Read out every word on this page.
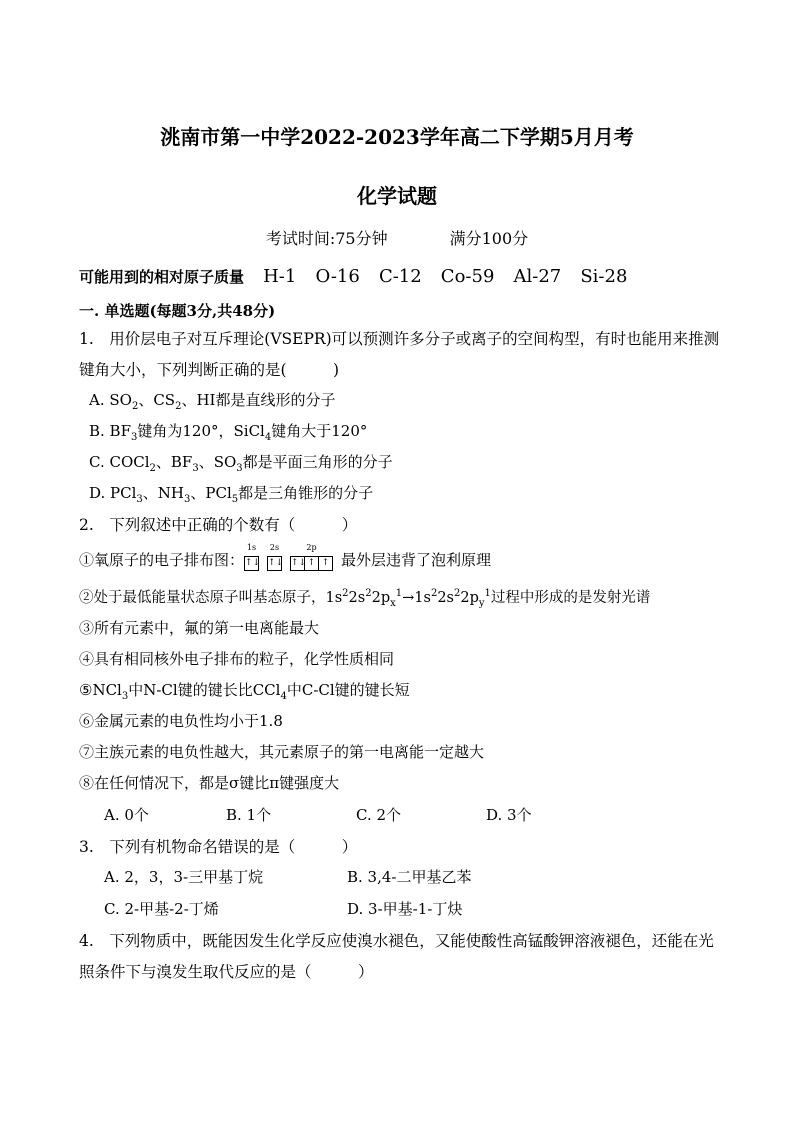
洮南市第一中学2022-2023学年高二下学期5月月考
化学试题
考试时间:75分钟	满分100分
可能用到的相对原子质量 H-1 O-16 C-12 Co-59 Al-27 Si-28
一. 单选题(每题3分,共48分)
1.　用价层电子对互斥理论(VSEPR)可以预测许多分子或离子的空间构型，有时也能用来推测
键角大小，下列判断正确的是(　　　)
A. $SO_2$、$CS_2$、HI都是直线形的分子
B. $BF_3$键角为120°，SiCl$_4$键角大于120°
C. COCl$_2$、$BF_3$、$SO_3$都是平面三角形的分子
D. PCl$_3$、$NH_3$、PCl$_5$都是三角锥形的分子
2.　下列叙述中正确的个数有（　　　）
①氧原子的电子排布图：
1s
↑↓
2s
↑↓
2p
↑↓ ↑ ↑ 最外层违背了泡利原理
②处于最低能量状态原子叫基态原子，$1s^22s^22p_x^1\to 1s^22s^22p_y^1$过程中形成的是发射光谱
③所有元素中，氟的第一电离能最大
④具有相同核外电子排布的粒子，化学性质相同
⑤NCl$_3$中N-Cl键的键长比CCl$_4$中C-Cl键的键长短
⑥金属元素的电负性均小于1.8
⑦主族元素的电负性越大，其元素原子的第一电离能一定越大
⑧在任何情况下，都是σ键比π键强度大
A. 0个	B. 1个	C. 2个	D. 3个
3.　下列有机物命名错误的是（　　　）
A. 2，3，3-三甲基丁烷	B. 3,4-二甲基乙苯
C. 2-甲基-2-丁烯	D. 3-甲基-1-丁炔
4.　下列物质中，既能因发生化学反应使溴水褪色，又能使酸性高锰酸钾溶液褪色，还能在光
照条件下与溴发生取代反应的是（　　　）
